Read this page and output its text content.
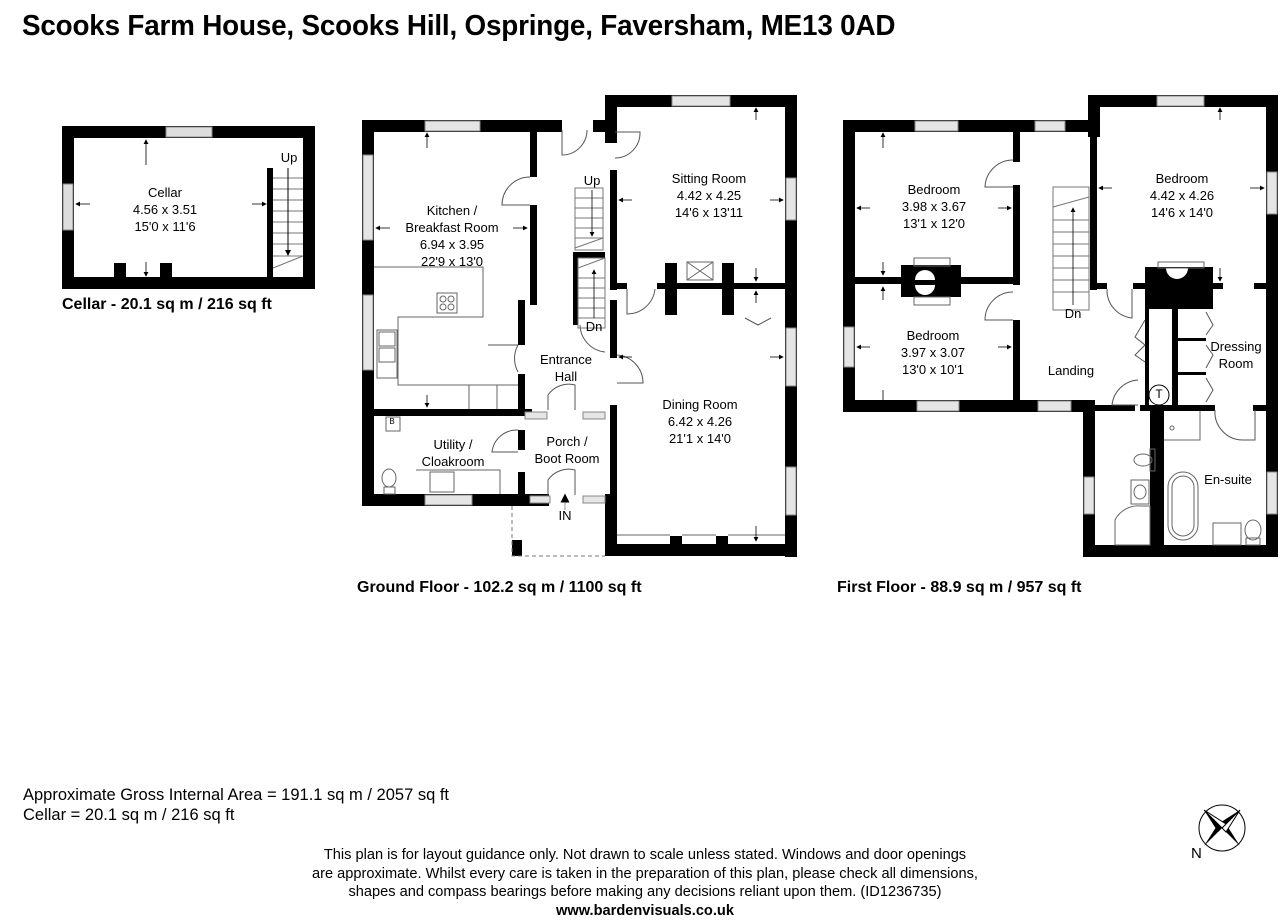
Scooks Farm House, Scooks Hill, Ospringe, Faversham, ME13 0AD
Cellar
4.56 x 3.51
15'0 x 11'6
Up
Cellar - 20.1 sq m / 216 sq ft
Kitchen /
Breakfast Room
6.94 x 3.95
22'9 x 13'0
Sitting Room
4.42 x 4.25
14'6 x 13'11
Dining Room
6.42 x 4.26
21'1 x 14'0
Entrance
Hall
Utility /
Cloakroom
Porch /
Boot Room
Up
Dn
IN
B
Ground Floor - 102.2 sq m / 1100 sq ft
Bedroom
3.98 x 3.67
13'1 x 12'0
Bedroom
4.42 x 4.26
14'6 x 14'0
Bedroom
3.97 x 3.07
13'0 x 10'1	Landing
Dressing
Room
En-suite
Dn
T
First Floor - 88.9 sq m / 957 sq ft
Approximate Gross Internal Area = 191.1 sq m / 2057 sq ft
Cellar = 20.1 sq m / 216 sq ft
This plan is for layout guidance only. Not drawn to scale unless stated. Windows and door openings
are approximate. Whilst every care is taken in the preparation of this plan, please check all dimensions,
shapes and compass bearings before making any decisions reliant upon them. (ID1236735)
www.bardenvisuals.co.uk
N
